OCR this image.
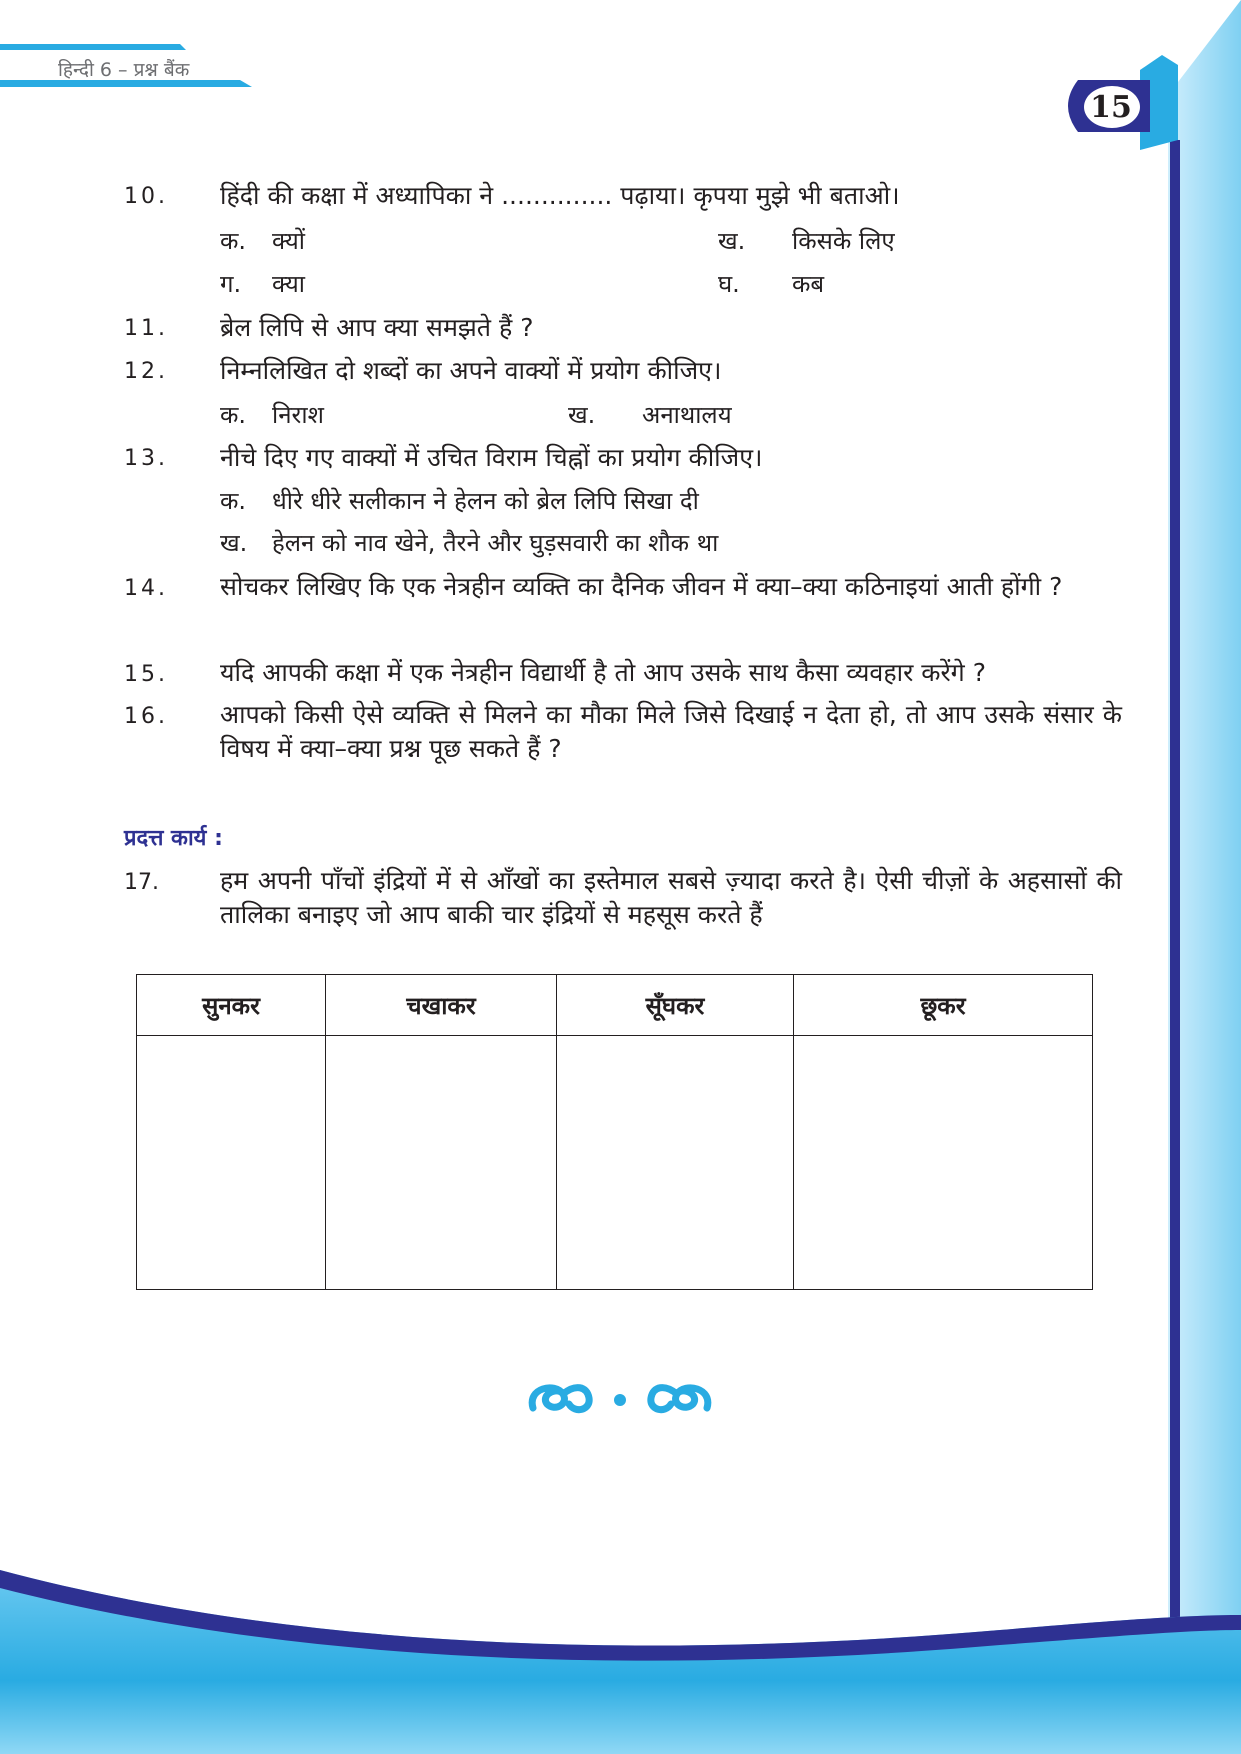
हिन्दी 6 – प्रश्न बैंक
15
10. हिंदी की कक्षा में अध्यापिका ने .............. पढ़ाया। कृपया मुझे भी बताओ।
क. क्यों	ख. किसके लिए
ग. क्या	घ. कब
11. ब्रेल लिपि से आप क्या समझते हैं ?
12. निम्नलिखित दो शब्दों का अपने वाक्यों में प्रयोग कीजिए।
क. निराश	ख. अनाथालय
13. नीचे दिए गए वाक्यों में उचित विराम चिह्नों का प्रयोग कीजिए।
क. धीरे धीरे सलीकान ने हेलन को ब्रेल लिपि सिखा दी
ख. हेलन को नाव खेने, तैरने और घुड़सवारी का शौक था
14. सोचकर लिखिए कि एक नेत्रहीन व्यक्ति का दैनिक जीवन में क्या–क्या कठिनाइयां आती होंगी ?
15. यदि आपकी कक्षा में एक नेत्रहीन विद्यार्थी है तो आप उसके साथ कैसा व्यवहार करेंगे ?
16. आपको किसी ऐसे व्यक्ति से मिलने का मौका मिले जिसे दिखाई न देता हो, तो आप उसके संसार के विषय में क्या–क्या प्रश्न पूछ सकते हैं ?
प्रदत्त कार्य :
17. हम अपनी पाँचों इंद्रियों में से आँखों का इस्तेमाल सबसे ज़्यादा करते है। ऐसी चीज़ों के अहसासों की तालिका बनाइए जो आप बाकी चार इंद्रियों से महसूस करते हैं
सुनकर	चखाकर	सूँघकर	छूकर
